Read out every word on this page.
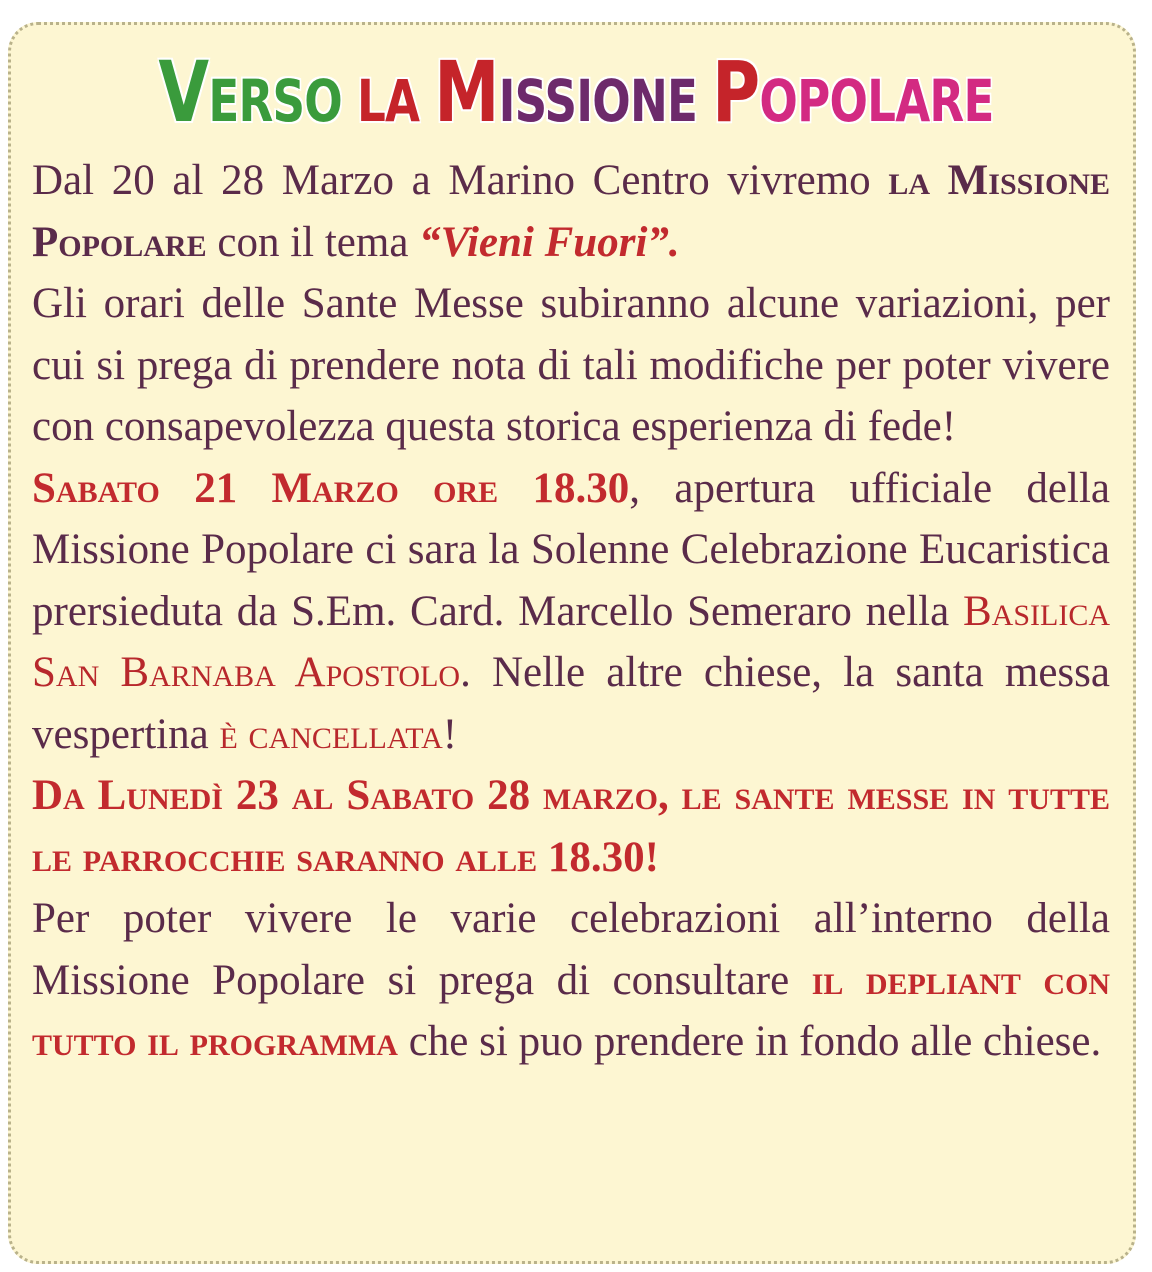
VERSO LA MISSIONE POPOLARE

Dal 20 al 28 Marzo a Marino Centro vivremo la Missione Popolare con il tema “Vieni Fuori”.

Gli orari delle Sante Messe subiranno alcune variazioni, per cui si prega di prendere nota di tali modifiche per poter vivere con consapevolezza questa storica esperienza di fede!

Sabato 21 Marzo ore 18.30, apertura ufficiale della Missione Popolare ci sara la Solenne Celebrazione Eucaristica prersieduta da S.Em. Card. Marcello Semeraro nella Basilica San Barnaba Apostolo. Nelle altre chiese, la santa messa vespertina è cancellata!

Da Lunedì 23 al Sabato 28 marzo, le sante messe in tutte le parrocchie saranno alle 18.30!

Per poter vivere le varie celebrazioni all’interno della Missione Popolare si prega di consultare il depliant con tutto il programma che si puo prendere in fondo alle chiese.
